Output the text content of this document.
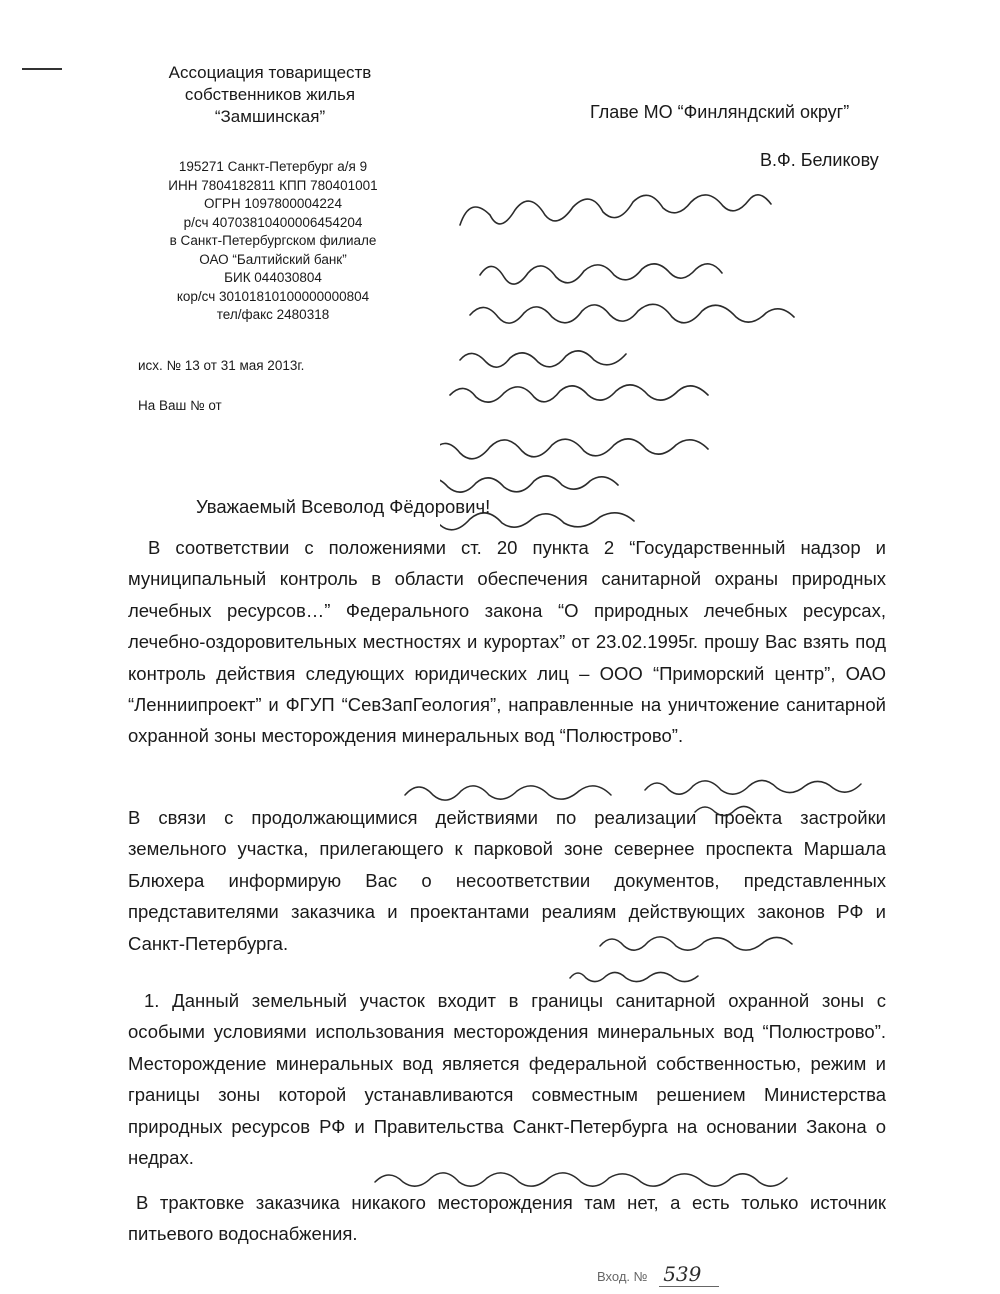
Ассоциация товариществ
собственников жилья
“Замшинская”
195271 Санкт-Петербург а/я 9
ИНН 7804182811 КПП 780401001
ОГРН 1097800004224
р/сч 40703810400006454204
в Санкт-Петербургском филиале
ОАО “Балтийский банк”
БИК 044030804
кор/сч 30101810100000000804
тел/факс 2480318
исх. № 13 от 31 мая 2013г.
На Ваш № от
Главе МО “Финляндский округ”
В.Ф. Беликову
Уважаемый Всеволод Фёдорович!
В соответствии с положениями ст. 20 пункта 2 “Государственный надзор и муниципальный контроль в области обеспечения санитарной охраны природных лечебных ресурсов…” Федерального закона “О природных лечебных ресурсах, лечебно-оздоровительных местностях и курортах” от 23.02.1995г. прошу Вас взять под контроль действия следующих юридических лиц – ООО “Приморский центр”, ОАО “Ленниипроект” и ФГУП “СевЗапГеология”, направленные на уничтожение санитарной охранной зоны месторождения минеральных вод “Полюстрово”.
В связи с продолжающимися действиями по реализации проекта застройки земельного участка, прилегающего к парковой зоне севернее проспекта Маршала Блюхера информирую Вас о несоответствии документов, представленных представителями заказчика и проектантами реалиям действующих законов РФ и Санкт-Петербурга.
1. Данный земельный участок входит в границы санитарной охранной зоны с особыми условиями использования месторождения минеральных вод “Полюстрово”. Месторождение минеральных вод является федеральной собственностью, режим и границы зоны которой устанавливаются совместным решением Министерства природных ресурсов РФ и Правительства Санкт-Петербурга на основании Закона о недрах.
В трактовке заказчика никакого месторождения там нет, а есть только источник питьевого водоснабжения.
Вход. № 539
